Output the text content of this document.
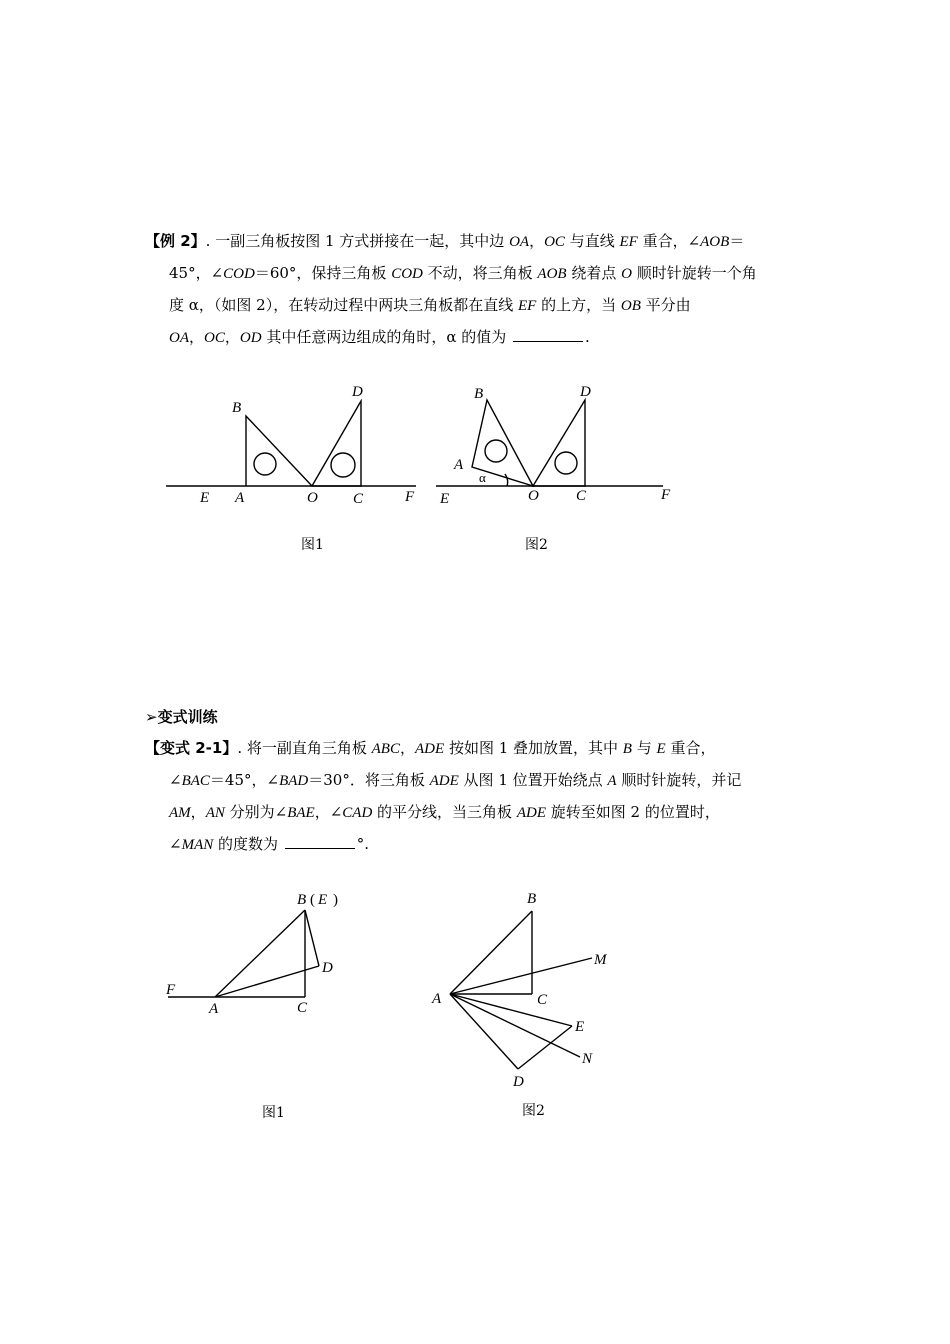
【例 2】. 一副三角板按图 1 方式拼接在一起，其中边 OA，OC 与直线 EF 重合，∠AOB＝
45°，∠COD＝60°，保持三角板 COD 不动，将三角板 AOB 绕着点 O 顺时针旋转一个角
度 α，（如图 2），在转动过程中两块三角板都在直线 EF 的上方，当 OB 平分由
OA，OC，OD 其中任意两边组成的角时，α 的值为	.
B
D
E A	O C	F
图1
B	D
A
α
E	O C	F
图2
➢变式训练
【变式 2-1】. 将一副直角三角板 ABC，ADE 按如图 1 叠加放置，其中 B 与 E 重合，
∠BAC＝45°，∠BAD＝30°．将三角板 ADE 从图 1 位置开始绕点 A 顺时针旋转，并记
AM，AN 分别为∠BAE，∠CAD 的平分线，当三角板 ADE 旋转至如图 2 的位置时，
∠MAN 的度数为	°.
B ( E )
D
F
A	C
图1
B
M
A	C
E
N
D
图2
